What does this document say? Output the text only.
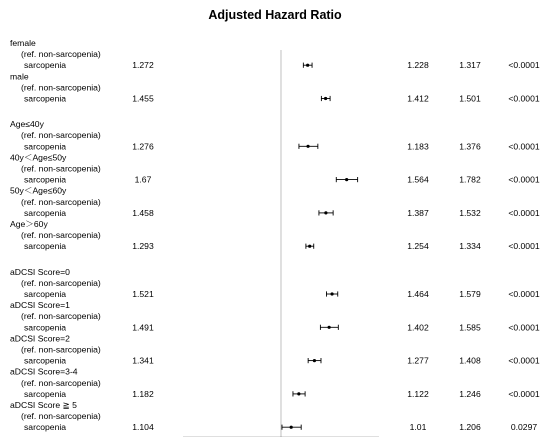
Adjusted Hazard Ratio
female
(ref. non-sarcopenia)
sarcopenia	1.272	1.228	1.317	<0.0001
male
(ref. non-sarcopenia)
sarcopenia	1.455	1.412	1.501	<0.0001
Age≤40y
(ref. non-sarcopenia)
sarcopenia	1.276	1.183	1.376	<0.0001
40y＜Age≤50y
(ref. non-sarcopenia)
sarcopenia	1.67	1.564	1.782	<0.0001
50y＜Age≤60y
(ref. non-sarcopenia)
sarcopenia	1.458	1.387	1.532	<0.0001
Age＞60y
(ref. non-sarcopenia)
sarcopenia	1.293	1.254	1.334	<0.0001
aDCSI Score=0
(ref. non-sarcopenia)
sarcopenia	1.521	1.464	1.579	<0.0001
aDCSI Score=1
(ref. non-sarcopenia)
sarcopenia	1.491	1.402	1.585	<0.0001
aDCSI Score=2
(ref. non-sarcopenia)
sarcopenia	1.341	1.277	1.408	<0.0001
aDCSI Score=3-4
(ref. non-sarcopenia)
sarcopenia	1.182	1.122	1.246	<0.0001
aDCSI Score ≧ 5
(ref. non-sarcopenia)
sarcopenia	1.104	1.01	1.206	0.0297
